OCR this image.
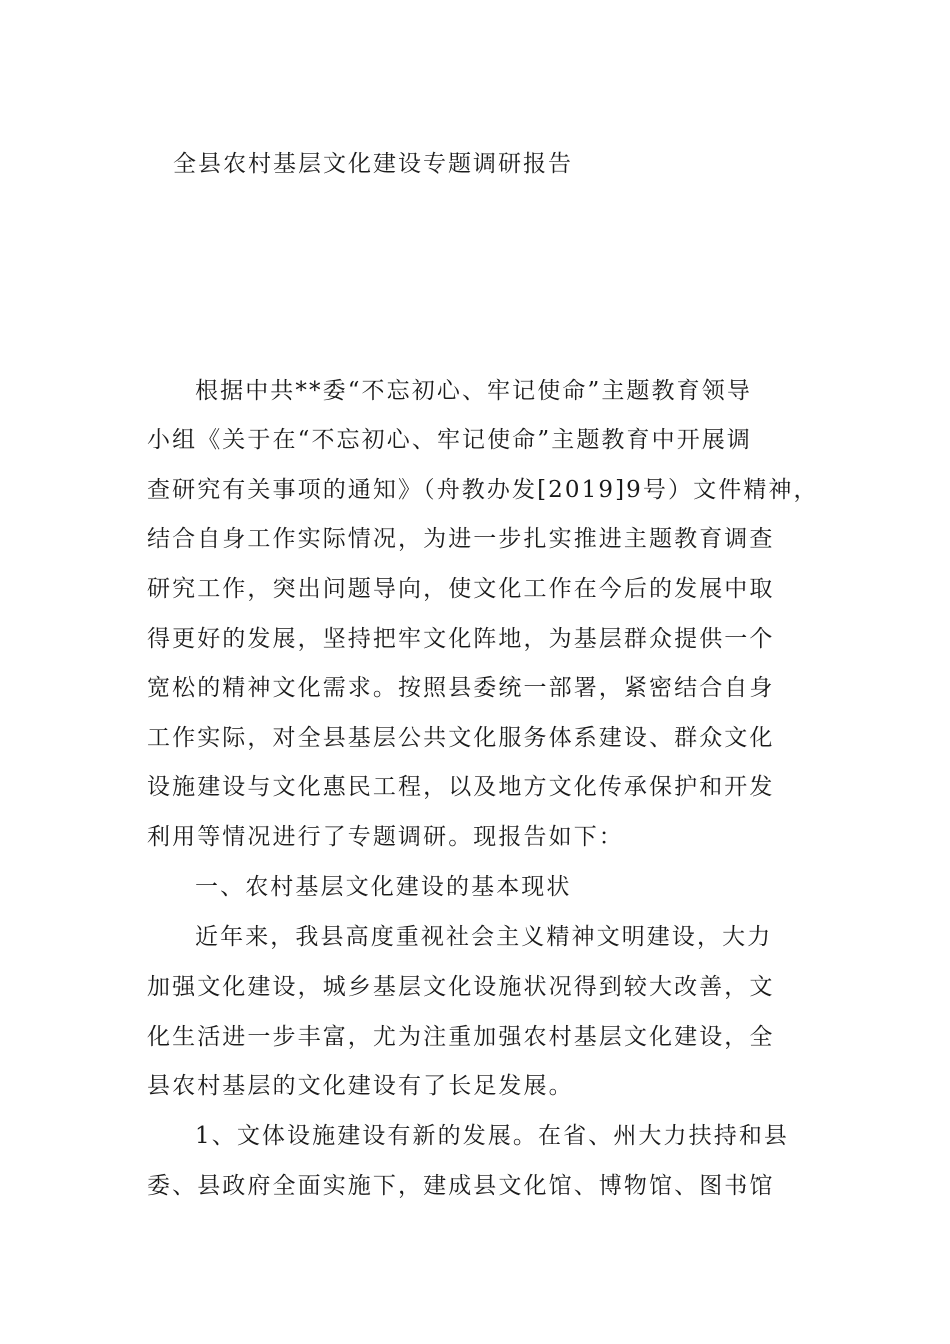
全县农村基层文化建设专题调研报告
根据中共**委“不忘初心、牢记使命”主题教育领导
小组《关于在“不忘初心、牢记使命”主题教育中开展调
查研究有关事项的通知》（舟教办发[2019]9号）文件精神，
结合自身工作实际情况，为进一步扎实推进主题教育调查
研究工作，突出问题导向，使文化工作在今后的发展中取
得更好的发展，坚持把牢文化阵地，为基层群众提供一个
宽松的精神文化需求。按照县委统一部署，紧密结合自身
工作实际，对全县基层公共文化服务体系建设、群众文化
设施建设与文化惠民工程，以及地方文化传承保护和开发
利用等情况进行了专题调研。现报告如下：
一、农村基层文化建设的基本现状
近年来，我县高度重视社会主义精神文明建设，大力
加强文化建设，城乡基层文化设施状况得到较大改善，文
化生活进一步丰富，尤为注重加强农村基层文化建设，全
县农村基层的文化建设有了长足发展。
1、文体设施建设有新的发展。在省、州大力扶持和县
委、县政府全面实施下，建成县文化馆、博物馆、图书馆
